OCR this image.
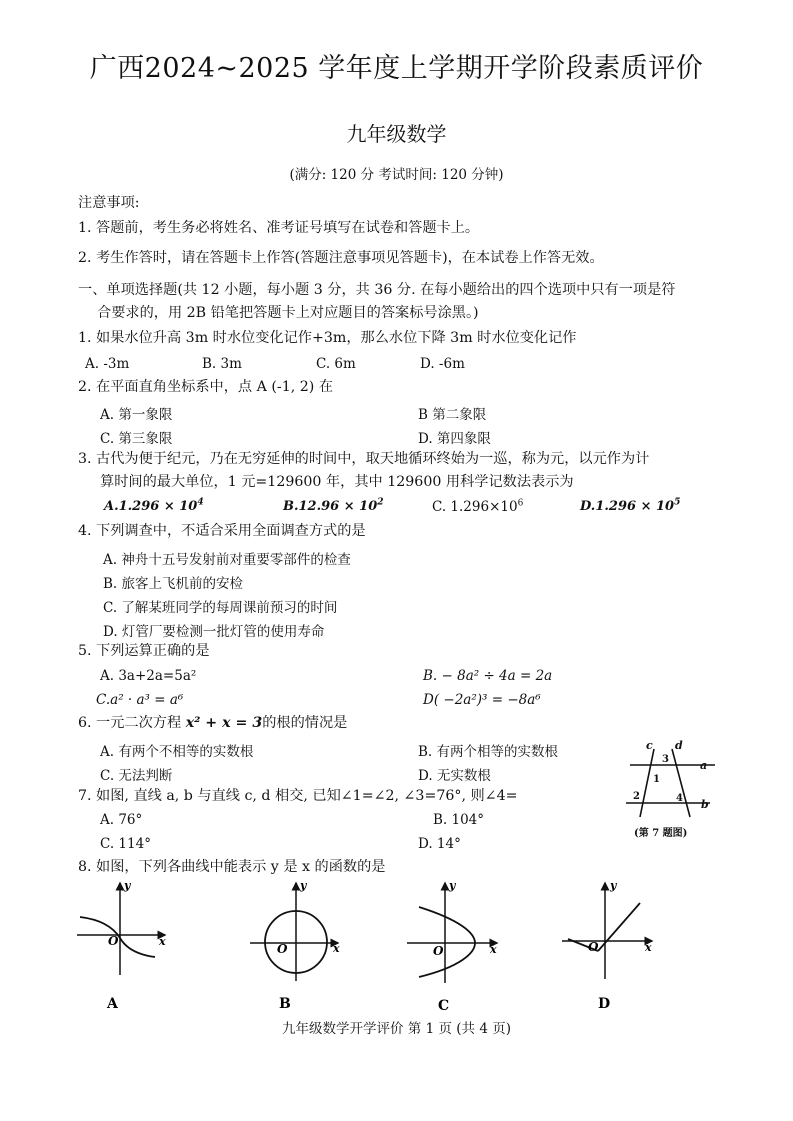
广西2024~2025 学年度上学期开学阶段素质评价
九年级数学
(满分: 120 分 考试时间: 120 分钟)
注意事项:
1. 答题前，考生务必将姓名、准考证号填写在试卷和答题卡上。
2. 考生作答时，请在答题卡上作答(答题注意事项见答题卡)，在本试卷上作答无效。
一、单项选择题(共 12 小题，每小题 3 分，共 36 分. 在每小题给出的四个选项中只有一项是符
合要求的，用 2B 铅笔把答题卡上对应题目的答案标号涂黑。)
1. 如果水位升高 3m 时水位变化记作+3m，那么水位下降 3m 时水位变化记作
A. -3m	B. 3m	C. 6m	D. -6m
2. 在平面直角坐标系中，点 A (-1, 2) 在
A. 第一象限	B 第二象限
C. 第三象限	D. 第四象限
3. 古代为便于纪元，乃在无穷延伸的时间中，取天地循环终始为一巡，称为元，以元作为计
算时间的最大单位，1 元=129600 年，其中 129600 用科学记数法表示为
$A.1.296 \times 10^4$	$B.12.96 \times 10^2$	C. $1.296\times 10^6$	$D.1.296 \times 10^5$
4. 下列调查中，不适合采用全面调查方式的是
A. 神舟十五号发射前对重要零部件的检查
B. 旅客上飞机前的安检
C. 了解某班同学的每周课前预习的时间
D. 灯管厂要检测一批灯管的使用寿命
5. 下列运算正确的是
A. 3a+2a=5a²	B. − 8a² ÷ 4a = 2a
C.a² · a³ = a⁶	D( −2a²)³ = −8a⁶
6. 一元二次方程 x² + x = 3的根的情况是
A. 有两个不相等的实数根	B. 有两个相等的实数根
C. 无法判断	D. 无实数根
7. 如图, 直线 a, b 与直线 c, d 相交, 已知∠1=∠2, ∠3=76°, 则∠4=
A. 76°	B. 104°
C. 114°	D. 14°
c d
a
b
1
2
3
4
(第 7 题图)
8. 如图，下列各曲线中能表示 y 是 x 的函数的是
O	x
y
A
O	x
y
B
O	x
y
C
O	x
y
D
九年级数学开学评价 第 1 页 (共 4 页)
